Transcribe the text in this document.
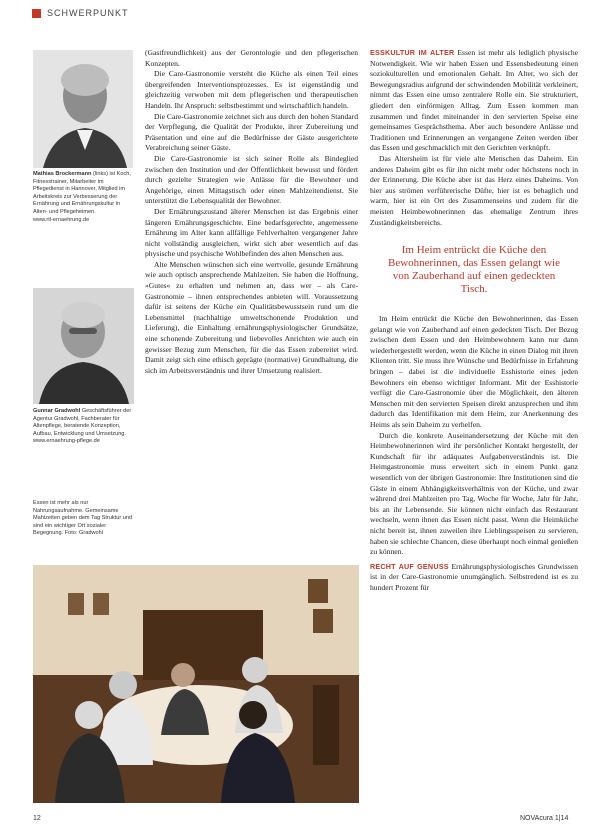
SCHWERPUNKT
Mathias Brockermann (links) ist Koch, Fitnesstrainer, Mitarbeiter im Pflegedienst in Hannover, Mitglied im Arbeitskreis zur Verbesserung der Ernährung und Ernährungskultur in Alten- und Pflegeheimen.
www.rtl-ernaehrung.de
Gunnar Gradwohl Geschäftsführer der Agentur Gradwohl, Fachberater für Altenpflege, beratende Konzeption, Aufbau, Entwicklung und Umsetzung.
www.ernaehrung-pflege.de
Essen ist mehr als nur Nahrungsaufnahme. Gemeinsame Mahlzeiten geben dem Tag Struktur und sind ein wichtiger Ort sozialer Begegnung. Foto: Gradwohl

(Gastfreundlichkeit) aus der Gerontologie und den pflegerischen Konzepten.

Die Care-Gastronomie versteht die Küche als einen Teil eines übergreifenden Interventionsprozesses. Es ist eigenständig und gleichzeitig verwoben mit dem pflegerischen und therapeutischen Handeln. Ihr Anspruch: selbstbestimmt und wirtschaftlich handeln.

Die Care-Gastronomie zeichnet sich aus durch den hohen Standard der Verpflegung, die Qualität der Produkte, ihrer Zubereitung und Präsentation und eine auf die Bedürfnisse der Gäste ausgerichtete Verabreichung seiner Gäste.

Die Care-Gastronomie ist sich seiner Rolle als Bindeglied zwischen den Institution und der Öffentlichkeit bewusst und fördert durch gezielte Strategien wie Anlässe für die Bewohner und Angehörige, einen Mittagstisch oder einen Mahlzeitendienst. Sie unterstützt die Lebensqualität der Bewohner.

Der Ernährungszustand älterer Menschen ist das Ergebnis einer längeren Ernährungsgeschichte. Eine bedarfsgerechte, angemessene Ernährung im Alter kann allfällige Fehlverhalten vergangener Jahre nicht vollständig ausgleichen, wirkt sich aber wesentlich auf das physische und psychische Wohlbefinden des alten Menschen aus.

Alte Menschen wünschen sich eine wertvolle, gesunde Ernährung wie auch optisch ansprechende Mahlzeiten. Sie haben die Hoffnung, »Gutes« zu erhalten und nehmen an, dass wer – als Care-Gastronomie – ihnen entsprechendes anbieten will. Voraussetzung dafür ist seitens der Küche ein Qualitätsbewusstsein rund um die Lebensmittel (nachhaltige umweltschonende Produktion und Lieferung), die Einhaltung ernährungsphysiologischer Grundsätze, eine schonende Zubereitung und liebevolles Anrichten wie auch ein gewisser Bezug zum Menschen, für die das Essen zubereitet wird. Damit zeigt sich eine ethisch geprägte (normative) Grundhaltung, die sich im Arbeitsverständnis und ihrer Umsetzung realisiert.

ESSKULTUR IM ALTER Essen ist mehr als lediglich physische Notwendigkeit. Wie wir haben Essen und Essensbedeutung einen soziokulturellen und emotionalen Gehalt. Im Alter, wo sich der Bewegungsradius aufgrund der schwindenden Mobilität verkleinert, nimmt das Essen eine umso zentralere Rolle ein. Sie strukturiert, gliedert den einförmigen Alltag. Zum Essen kommen man zusammen und findet miteinander in den servierten Speise eine gemeinsames Gesprächsthema. Aber auch besondere Anlässe und Traditionen und Erinnerungen an vergangene Zeiten werden über das Essen und geschmacklich mit den Gerichten verknüpft.

Das Altersheim ist für viele alte Menschen das Daheim. Ein anderes Daheim gibt es für ihn nicht mehr oder höchstens noch in der Erinnerung. Die Küche aber ist das Herz eines Daheims. Von hier aus strömen verführerische Düfte, hier ist es behaglich und warm, hier ist ein Ort des Zusammenseins und zudem für die meisten Heimbewohnerinnen das ehemalige Zentrum ihres Zuständigkeitsbereichs.

Im Heim entrückt die Küche den Bewohnerinnen, das Essen gelangt wie von Zauberhand auf einen gedeckten Tisch.

Im Heim entrückt die Küche den Bewohnerinnen, das Essen gelangt wie von Zauberhand auf einen gedeckten Tisch. Der Bezug zwischen dem Essen und den Heimbewohnern kann nur dann wiederhergestellt werden, wenn die Küche in einen Dialog mit ihren Klienten tritt. Sie muss ihre Wünsche und Bedürfnisse in Erfahrung bringen – dabei ist die individuelle Esshistorie eines jeden Bewohners ein ebenso wichtiger Informant. Mit der Esshistorie verfügt die Care-Gastronomie über die Möglichkeit, den älteren Menschen mit den servierten Speisen direkt anzusprechen und ihm dadurch das Identifikation mit dem Heim, zur Anerkennung des Heims als sein Daheim zu verhelfen.

Durch die konkrete Auseinandersetzung der Küche mit den Heimbewohnerinnen wird ihr persönlicher Kontakt hergestellt, der Kundschaft für ihr adäquates Aufgabenverständnis ist. Die Heimgastronomie muss erweitert sich in einem Punkt ganz wesentlich von der übrigen Gastronomie: Ihre Institutionen sind die Gäste in einem Abhängigkeitsverhältnis von der Küche, und zwar während drei Mahlzeiten pro Tag, Woche für Woche, Jahr für Jahr, bis an ihr Lebensende. Sie können nicht einfach das Restaurant wechseln, wenn ihnen das Essen nicht passt. Wenn die Heimküche nicht bereit ist, ihnen zuweilen ihre Lieblingsspeisen zu servieren, haben sie schlechte Chancen, diese überhaupt noch einmal genießen zu können.

RECHT AUF GENUSS Ernährungsphysiologisches Grundwissen ist in der Care-Gastronomie unumgänglich. Selbstredend ist es zu hundert Prozent für

12	NOVAcura 1|14
